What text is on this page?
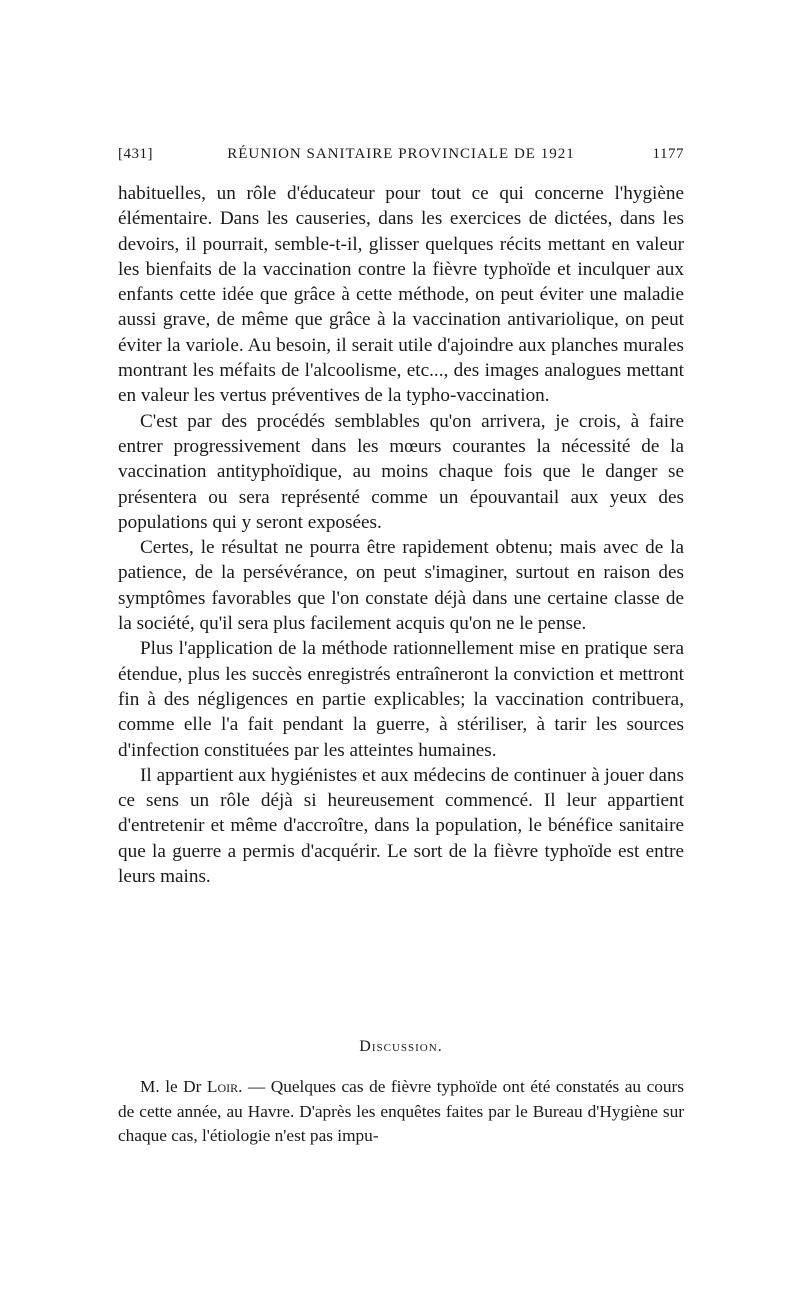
[431]	RÉUNION SANITAIRE PROVINCIALE DE 1921	1177

habituelles, un rôle d'éducateur pour tout ce qui concerne l'hygiène élémentaire. Dans les causeries, dans les exercices de dictées, dans les devoirs, il pourrait, semble-t-il, glisser quelques récits mettant en valeur les bienfaits de la vaccination contre la fièvre typhoïde et inculquer aux enfants cette idée que grâce à cette méthode, on peut éviter une maladie aussi grave, de même que grâce à la vaccination antivariolique, on peut éviter la variole. Au besoin, il serait utile d'ajoindre aux planches murales montrant les méfaits de l'alcoolisme, etc..., des images analogues mettant en valeur les vertus préventives de la typho-vaccination.

C'est par des procédés semblables qu'on arrivera, je crois, à faire entrer progressivement dans les mœurs courantes la nécessité de la vaccination antityphoïdique, au moins chaque fois que le danger se présentera ou sera représenté comme un épouvantail aux yeux des populations qui y seront exposées.

Certes, le résultat ne pourra être rapidement obtenu; mais avec de la patience, de la persévérance, on peut s'imaginer, surtout en raison des symptômes favorables que l'on constate déjà dans une certaine classe de la société, qu'il sera plus facilement acquis qu'on ne le pense.

Plus l'application de la méthode rationnellement mise en pratique sera étendue, plus les succès enregistrés entraîneront la conviction et mettront fin à des négligences en partie explicables; la vaccination contribuera, comme elle l'a fait pendant la guerre, à stériliser, à tarir les sources d'infection constituées par les atteintes humaines.

Il appartient aux hygiénistes et aux médecins de continuer à jouer dans ce sens un rôle déjà si heureusement commencé. Il leur appartient d'entretenir et même d'accroître, dans la population, le bénéfice sanitaire que la guerre a permis d'acquérir. Le sort de la fièvre typhoïde est entre leurs mains.

Discussion.

M. le Dr Loir. — Quelques cas de fièvre typhoïde ont été constatés au cours de cette année, au Havre. D'après les enquêtes faites par le Bureau d'Hygiène sur chaque cas, l'étiologie n'est pas impu-
